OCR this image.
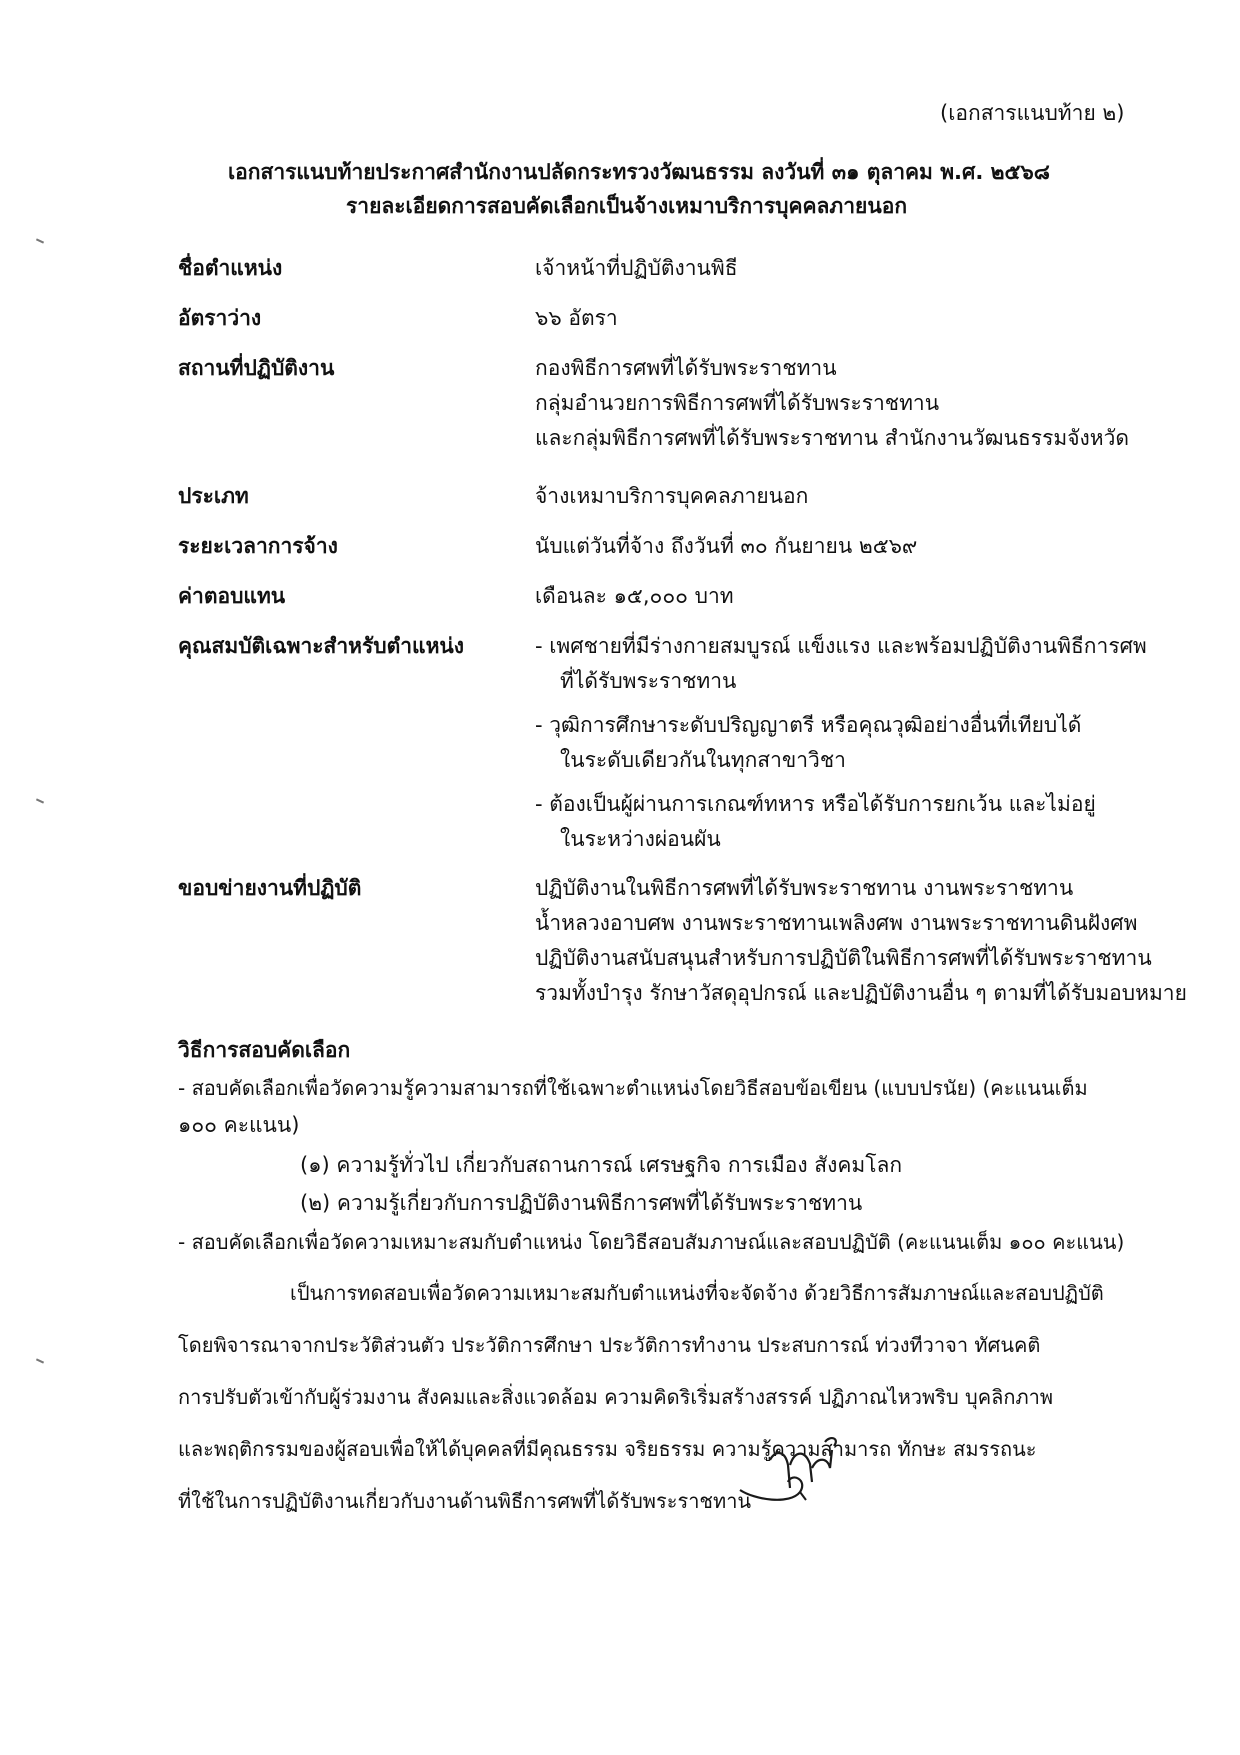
(เอกสารแนบท้าย ๒)
เอกสารแนบท้ายประกาศสำนักงานปลัดกระทรวงวัฒนธรรม ลงวันที่ ๓๑ ตุลาคม พ.ศ. ๒๕๖๘
รายละเอียดการสอบคัดเลือกเป็นจ้างเหมาบริการบุคคลภายนอก
ชื่อตำแหน่ง	เจ้าหน้าที่ปฏิบัติงานพิธี
อัตราว่าง	๖๖ อัตรา
สถานที่ปฏิบัติงาน	กองพิธีการศพที่ได้รับพระราชทาน
กลุ่มอำนวยการพิธีการศพที่ได้รับพระราชทาน
และกลุ่มพิธีการศพที่ได้รับพระราชทาน สำนักงานวัฒนธรรมจังหวัด
ประเภท	จ้างเหมาบริการบุคคลภายนอก
ระยะเวลาการจ้าง	นับแต่วันที่จ้าง ถึงวันที่ ๓๐ กันยายน ๒๕๖๙
ค่าตอบแทน	เดือนละ ๑๕,๐๐๐ บาท
คุณสมบัติเฉพาะสำหรับตำแหน่ง	- เพศชายที่มีร่างกายสมบูรณ์ แข็งแรง และพร้อมปฏิบัติงานพิธีการศพ
ที่ได้รับพระราชทาน
- วุฒิการศึกษาระดับปริญญาตรี หรือคุณวุฒิอย่างอื่นที่เทียบได้
ในระดับเดียวกันในทุกสาขาวิชา
- ต้องเป็นผู้ผ่านการเกณฑ์ทหาร หรือได้รับการยกเว้น และไม่อยู่
ในระหว่างผ่อนผัน
ขอบข่ายงานที่ปฏิบัติ	ปฏิบัติงานในพิธีการศพที่ได้รับพระราชทาน งานพระราชทาน
น้ำหลวงอาบศพ งานพระราชทานเพลิงศพ งานพระราชทานดินฝังศพ
ปฏิบัติงานสนับสนุนสำหรับการปฏิบัติในพิธีการศพที่ได้รับพระราชทาน
รวมทั้งบำรุง รักษาวัสดุอุปกรณ์ และปฏิบัติงานอื่น ๆ ตามที่ได้รับมอบหมาย
วิธีการสอบคัดเลือก
- สอบคัดเลือกเพื่อวัดความรู้ความสามารถที่ใช้เฉพาะตำแหน่งโดยวิธีสอบข้อเขียน (แบบปรนัย) (คะแนนเต็ม
๑๐๐ คะแนน)
(๑) ความรู้ทั่วไป เกี่ยวกับสถานการณ์ เศรษฐกิจ การเมือง สังคมโลก
(๒) ความรู้เกี่ยวกับการปฏิบัติงานพิธีการศพที่ได้รับพระราชทาน
- สอบคัดเลือกเพื่อวัดความเหมาะสมกับตำแหน่ง โดยวิธีสอบสัมภาษณ์และสอบปฏิบัติ (คะแนนเต็ม ๑๐๐ คะแนน)
เป็นการทดสอบเพื่อวัดความเหมาะสมกับตำแหน่งที่จะจัดจ้าง ด้วยวิธีการสัมภาษณ์และสอบปฏิบัติ
โดยพิจารณาจากประวัติส่วนตัว ประวัติการศึกษา ประวัติการทำงาน ประสบการณ์ ท่วงทีวาจา ทัศนคติ
การปรับตัวเข้ากับผู้ร่วมงาน สังคมและสิ่งแวดล้อม ความคิดริเริ่มสร้างสรรค์ ปฏิภาณไหวพริบ บุคลิกภาพ
และพฤติกรรมของผู้สอบเพื่อให้ได้บุคคลที่มีคุณธรรม จริยธรรม ความรู้ความสามารถ ทักษะ สมรรถนะ
ที่ใช้ในการปฏิบัติงานเกี่ยวกับงานด้านพิธีการศพที่ได้รับพระราชทาน
